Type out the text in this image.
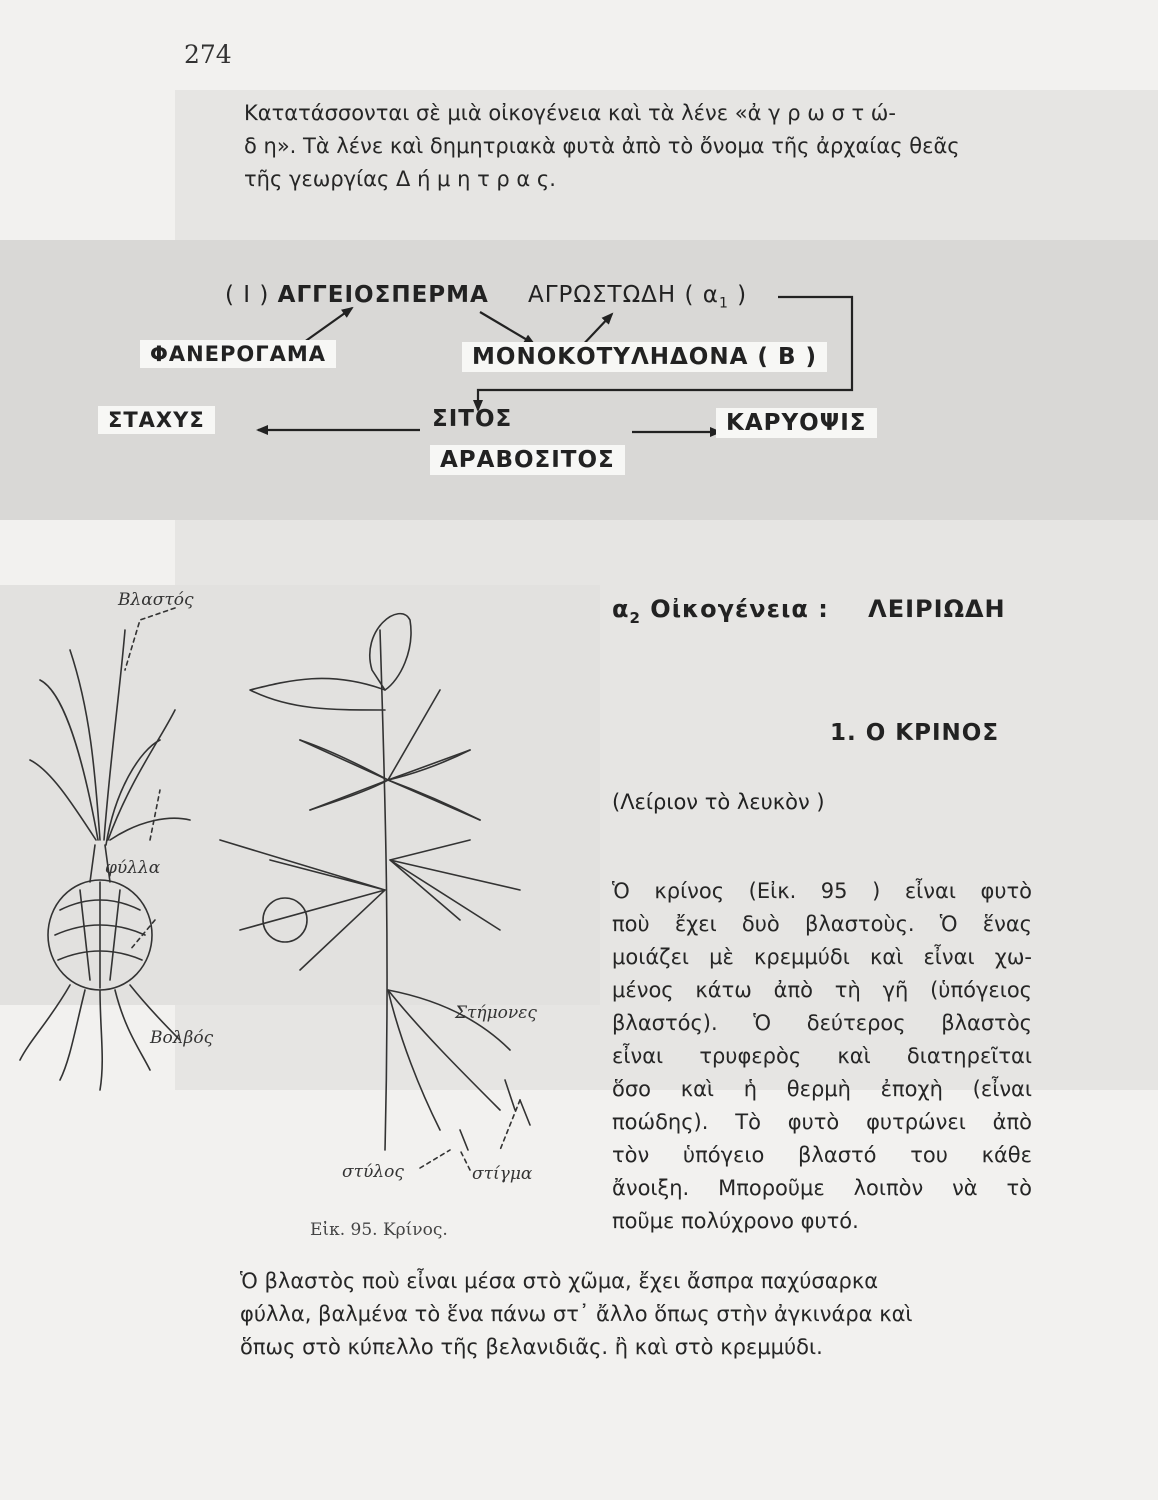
274
Κατατάσσονται σὲ μιὰ οἰκογένεια καὶ τὰ λένε «ἀ γ ρ ω σ τ ώ-
δ η». Τὰ λένε καὶ δημητριακὰ φυτὰ ἀπὸ τὸ ὄνομα τῆς ἀρχαίας θεᾶς
τῆς γεωργίας Δ ή μ η τ ρ α ς.
( I ) ΑΓΓΕΙΟΣΠΕΡΜΑ ΑΓΡΩΣΤΩΔΗ ( $\alpha_1$ )
ΦΑΝΕΡΟΓΑΜΑ	ΜΟΝΟΚΟΤΥΛΗΔΟΝΑ ( Β )
ΣΤΑΧΥΣ	ΣΙΤΟΣ	ΚΑΡΥΟΨΙΣ
ΑΡΑΒΟΣΙΤΟΣ
Βλαστός
φύλλα
Βολβός
Στήμονες
στύλος	στίγμα
Εἰκ. 95. Κρίνος.
$\alpha_2$ Οἰκογένεια : ΛΕΙΡΙΩΔΗ
1. Ο ΚΡΙΝΟΣ
(Λείριον τὸ λευκὸν )
Ὁ κρίνος (Εἰκ. 95 ) εἶναι φυτὸ
ποὺ ἔχει δυὸ βλαστοὺς. Ὁ ἕνας
μοιάζει μὲ κρεμμύδι καὶ εἶναι χω-
μένος κάτω ἀπὸ τὴ γῆ (ὑπόγειος
βλαστός). Ὁ δεύτερος βλαστὸς
εἶναι τρυφερὸς καὶ διατηρεῖται
ὅσο καὶ ἡ θερμὴ ἐποχὴ (εἶναι
ποώδης). Τὸ φυτὸ φυτρώνει ἀπὸ
τὸν ὑπόγειο βλαστό του κάθε
ἄνοιξη. Μποροῦμε λοιπὸν νὰ τὸ
ποῦμε πολύχρονο φυτό.
Ὁ βλαστὸς ποὺ εἶναι μέσα στὸ χῶμα, ἔχει ἄσπρα παχύσαρκα
φύλλα, βαλμένα τὸ ἕνα πάνω στ᾽ ἄλλο ὅπως στὴν ἀγκινάρα καὶ
ὅπως στὸ κύπελλο τῆς βελανιδιᾶς. ἢ καὶ στὸ κρεμμύδι.
